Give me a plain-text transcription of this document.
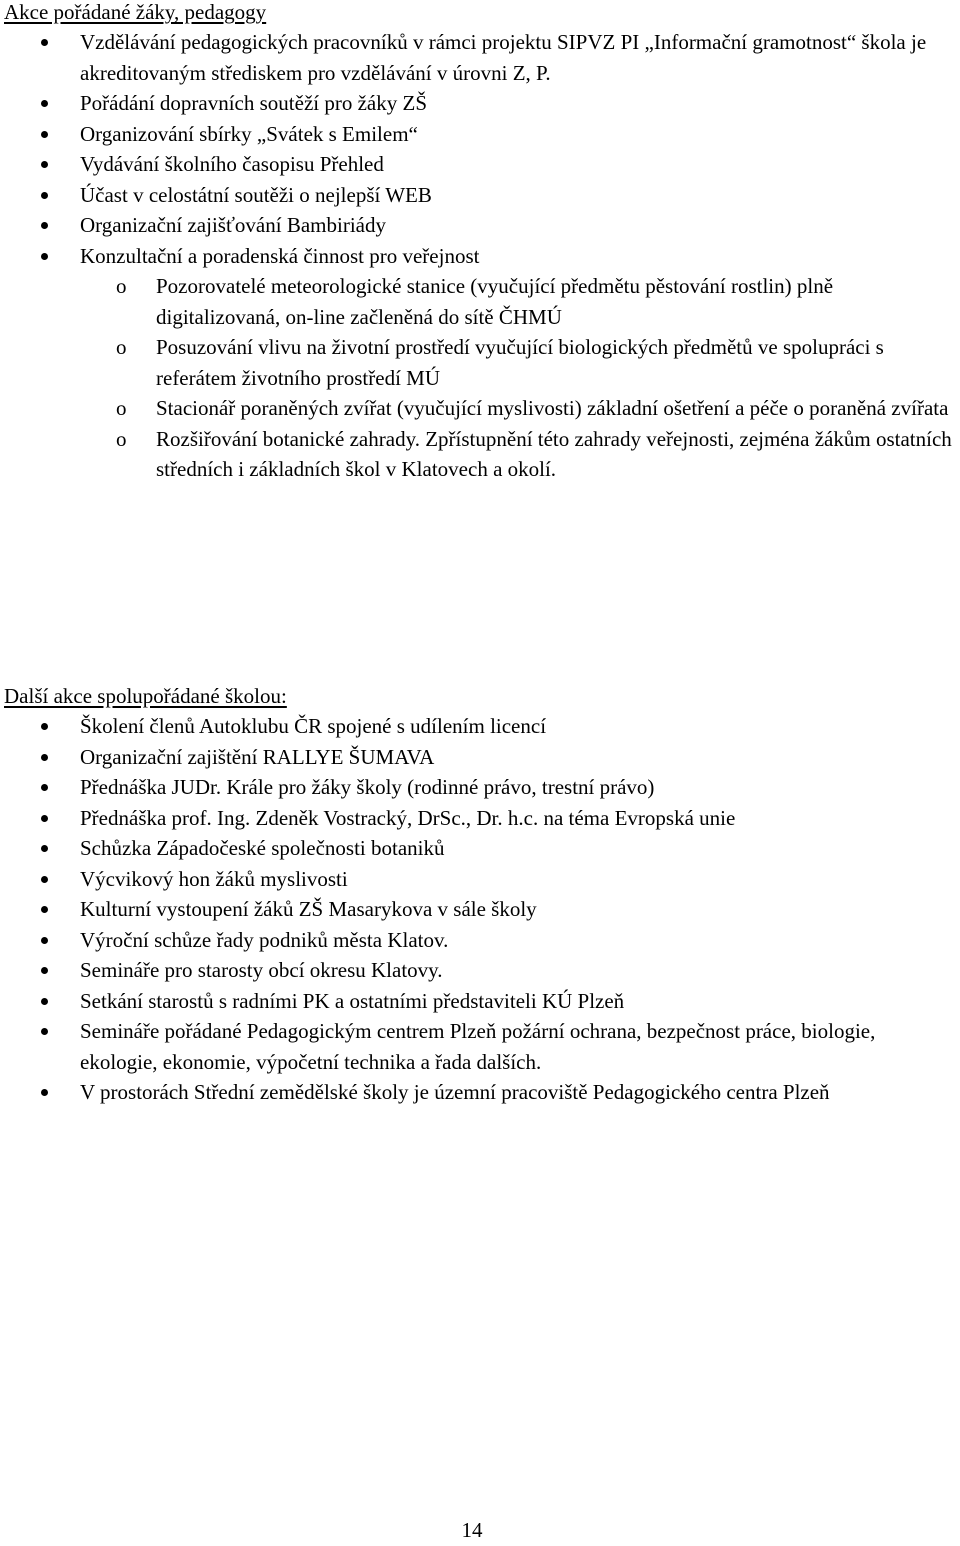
Akce pořádané žáky, pedagogy
Vzdělávání pedagogických pracovníků v rámci projektu SIPVZ PI „Informační gramotnost“ škola je akreditovaným střediskem pro vzdělávání v úrovni Z, P.
Pořádání dopravních soutěží pro žáky ZŠ
Organizování sbírky „Svátek s Emilem“
Vydávání školního časopisu Přehled
Účast v celostátní soutěži o nejlepší WEB
Organizační zajišťování Bambiriády
Konzultační a poradenská činnost pro veřejnost
o Pozorovatelé meteorologické stanice (vyučující předmětu pěstování rostlin) plně digitalizovaná, on-line začleněná do sítě ČHMÚ
o Posuzování vlivu na životní prostředí vyučující biologických předmětů ve spolupráci s referátem životního prostředí MÚ
o Stacionář poraněných zvířat (vyučující myslivosti) základní ošetření a péče o poraněná zvířata
o Rozšiřování botanické zahrady. Zpřístupnění této zahrady veřejnosti, zejména žákům ostatních středních i základních škol v Klatovech a okolí.
Další akce spolupořádané školou:
Školení členů Autoklubu ČR spojené s udílením licencí
Organizační zajištění RALLYE ŠUMAVA
Přednáška JUDr. Krále pro žáky školy (rodinné právo, trestní právo)
Přednáška prof. Ing. Zdeněk Vostracký, DrSc., Dr. h.c. na téma Evropská unie
Schůzka Západočeské společnosti botaniků
Výcvikový hon žáků myslivosti
Kulturní vystoupení žáků ZŠ Masarykova v sále školy
Výroční schůze řady podniků města Klatov.
Semináře pro starosty obcí okresu Klatovy.
Setkání starostů s radními PK a ostatními představiteli KÚ Plzeň
Semináře pořádané Pedagogickým centrem Plzeň požární ochrana, bezpečnost práce, biologie, ekologie, ekonomie, výpočetní technika a řada dalších.
V prostorách Střední zemědělské školy je územní pracoviště Pedagogického centra Plzeň
14
